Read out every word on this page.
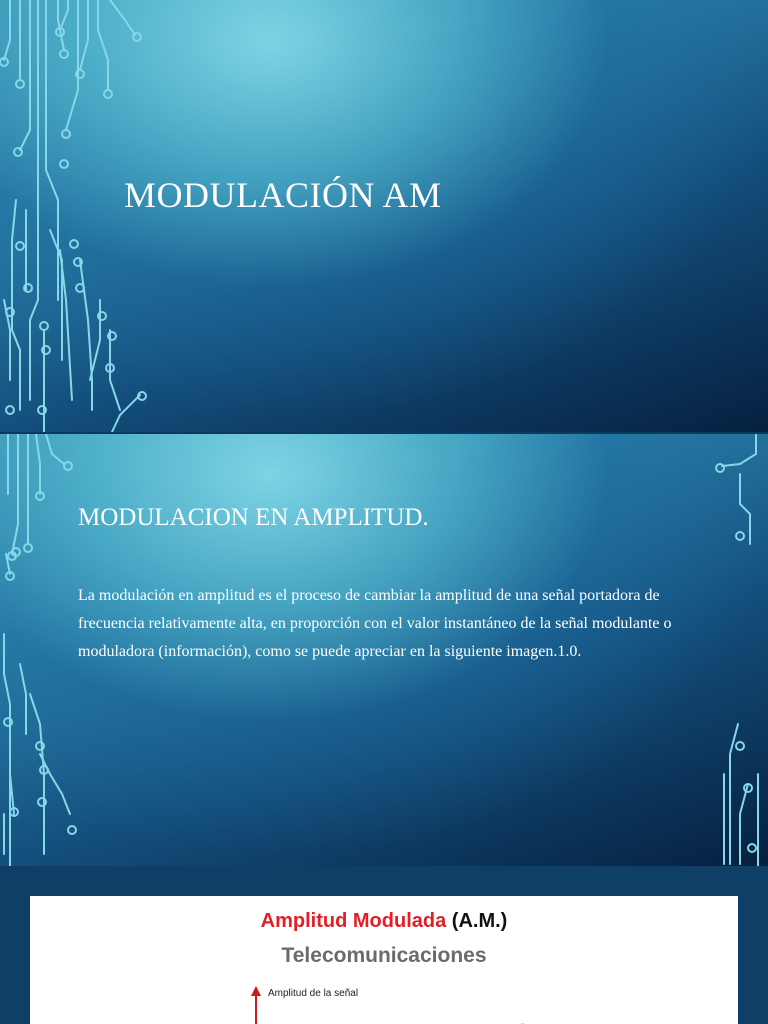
MODULACIÓN AM
MODULACION EN AMPLITUD.
La modulación en amplitud es el proceso de cambiar la amplitud de una señal portadora de frecuencia relativamente alta, en proporción con el valor instantáneo de la señal modulante o moduladora (información), como se puede apreciar en la siguiente imagen.1.0.
Amplitud Modulada (A.M.)
Telecomunicaciones
Amplitud de la señal
